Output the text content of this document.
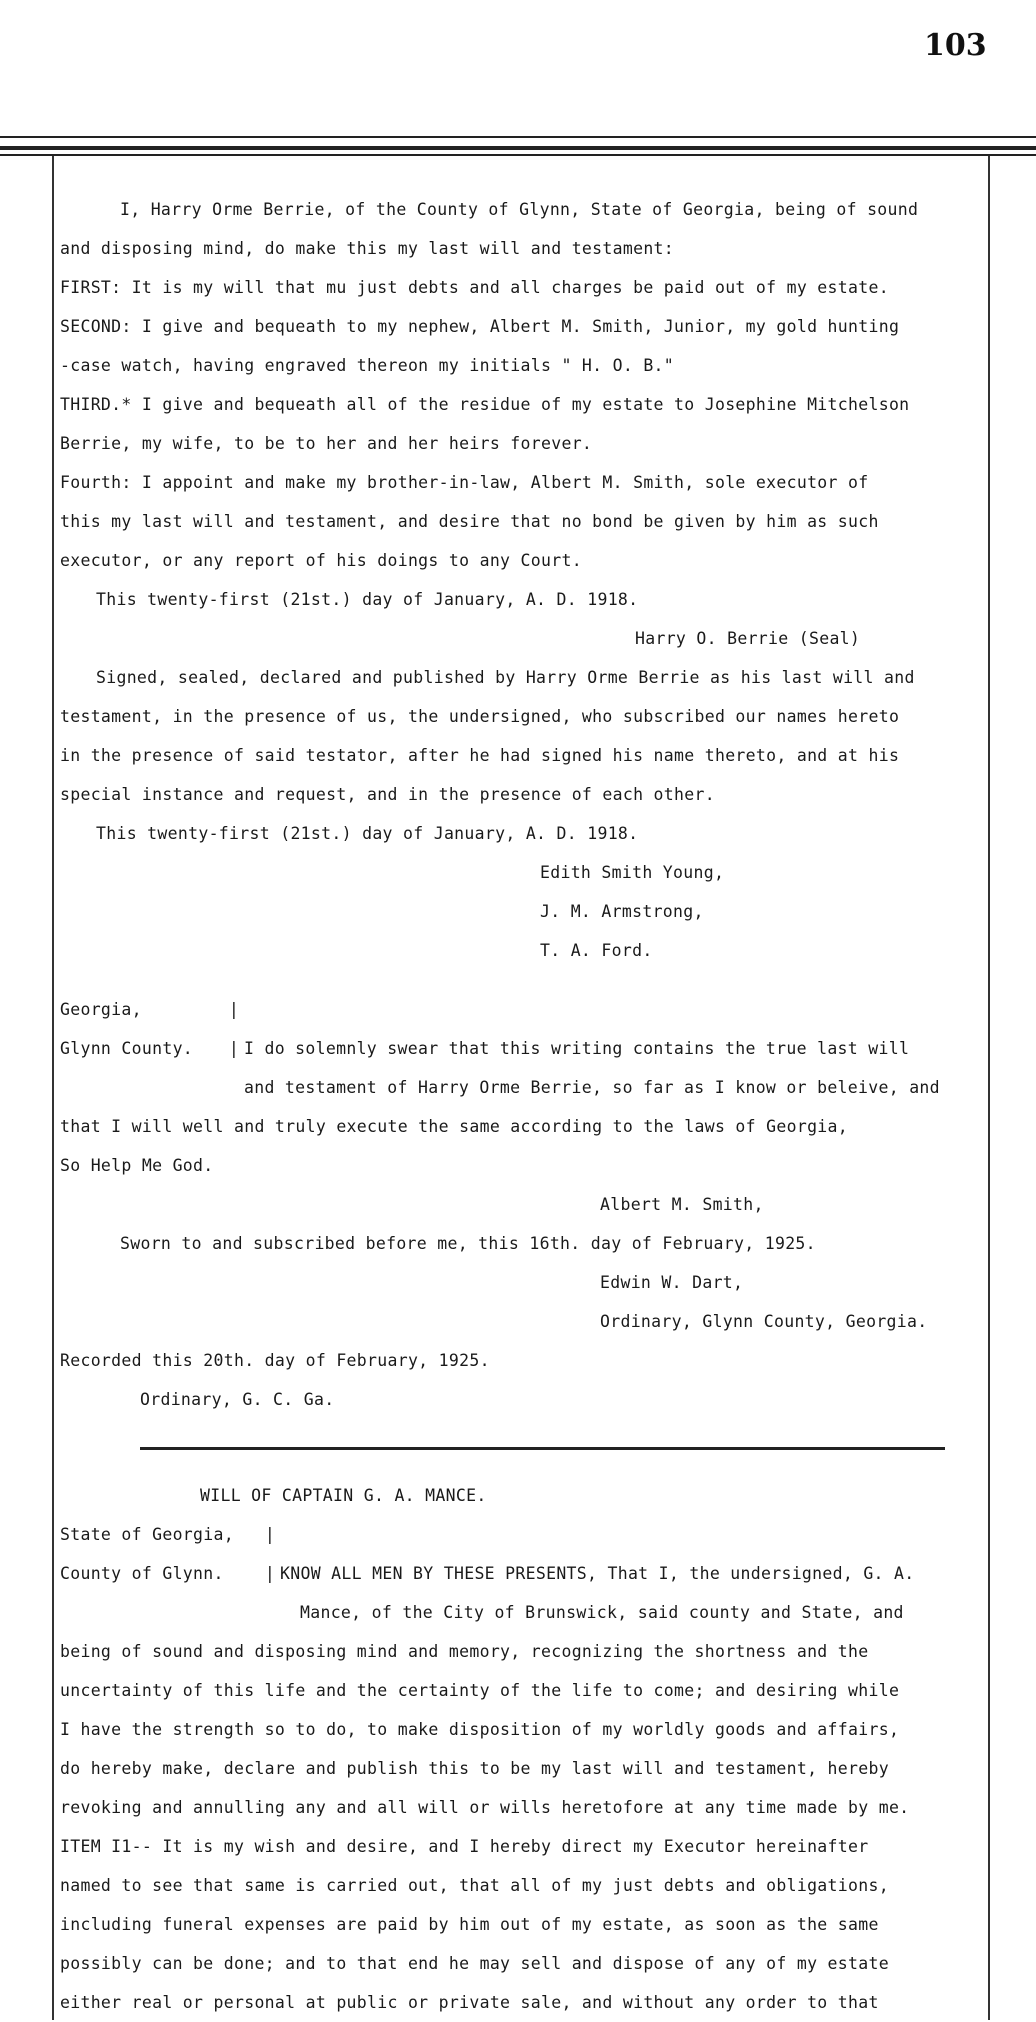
103
I, Harry Orme Berrie, of the County of Glynn, State of Georgia, being of sound
and disposing mind, do make this my last will and testament:
FIRST: It is my will that mu just debts and all charges be paid out of my estate.
SECOND: I give and bequeath to my nephew, Albert M. Smith, Junior, my gold hunting
-case watch, having engraved thereon my initials " H. O. B."
THIRD.* I give and bequeath all of the residue of my estate to Josephine Mitchelson
Berrie, my wife, to be to her and her heirs forever.
Fourth: I appoint and make my brother-in-law, Albert M. Smith, sole executor of
this my last will and testament, and desire that no bond be given by him as such
executor, or any report of his doings to any Court.
This twenty-first (21st.) day of January, A. D. 1918.
Harry O. Berrie (Seal)
Signed, sealed, declared and published by Harry Orme Berrie as his last will and
testament, in the presence of us, the undersigned, who subscribed our names hereto
in the presence of said testator, after he had signed his name thereto, and at his
special instance and request, and in the presence of each other.
This twenty-first (21st.) day of January, A. D. 1918.
Edith Smith Young,
J. M. Armstrong,
T. A. Ford.
Georgia,	|
Glynn County.	| I do solemnly swear that this writing contains the true last will
and testament of Harry Orme Berrie, so far as I know or beleive, and
that I will well and truly execute the same according to the laws of Georgia,
So Help Me God.
Albert M. Smith,
Sworn to and subscribed before me, this 16th. day of February, 1925.
Edwin W. Dart,
Ordinary, Glynn County, Georgia.
Recorded this 20th. day of February, 1925.
Ordinary, G. C. Ga.
WILL OF CAPTAIN G. A. MANCE.
State of Georgia,	|
County of Glynn.	| KNOW ALL MEN BY THESE PRESENTS, That I, the undersigned, G. A.
Mance, of the City of Brunswick, said county and State, and
being of sound and disposing mind and memory, recognizing the shortness and the
uncertainty of this life and the certainty of the life to come; and desiring while
I have the strength so to do, to make disposition of my worldly goods and affairs,
do hereby make, declare and publish this to be my last will and testament, hereby
revoking and annulling any and all will or wills heretofore at any time made by me.
ITEM I1-- It is my wish and desire, and I hereby direct my Executor hereinafter
named to see that same is carried out, that all of my just debts and obligations,
including funeral expenses are paid by him out of my estate, as soon as the same
possibly can be done; and to that end he may sell and dispose of any of my estate
either real or personal at public or private sale, and without any order to that
